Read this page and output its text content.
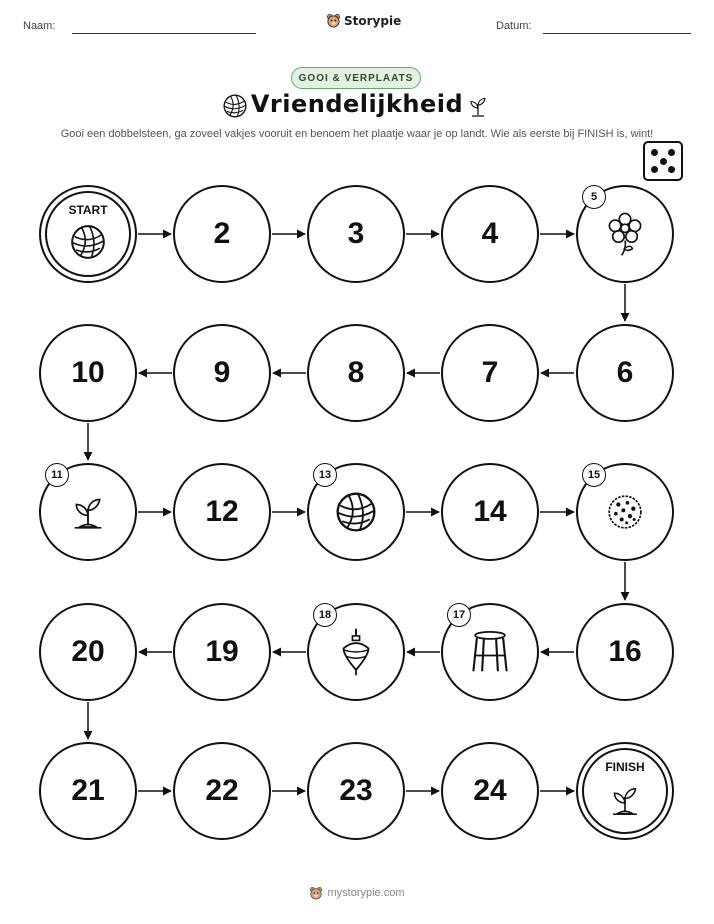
Naam:	Storypie	Datum:
GOOI & VERPLAATS
Vriendelijkheid
Gooi een dobbelsteen, ga zoveel vakjes vooruit en benoem het plaatje waar je op landt. Wie als eerste bij FINISH is, wint!
START
2	3	4
5
10	9	8	7	6
11
12
13
14
15
20	19
18	17
16
21	22	23	24
FINISH
mystorypie.com
